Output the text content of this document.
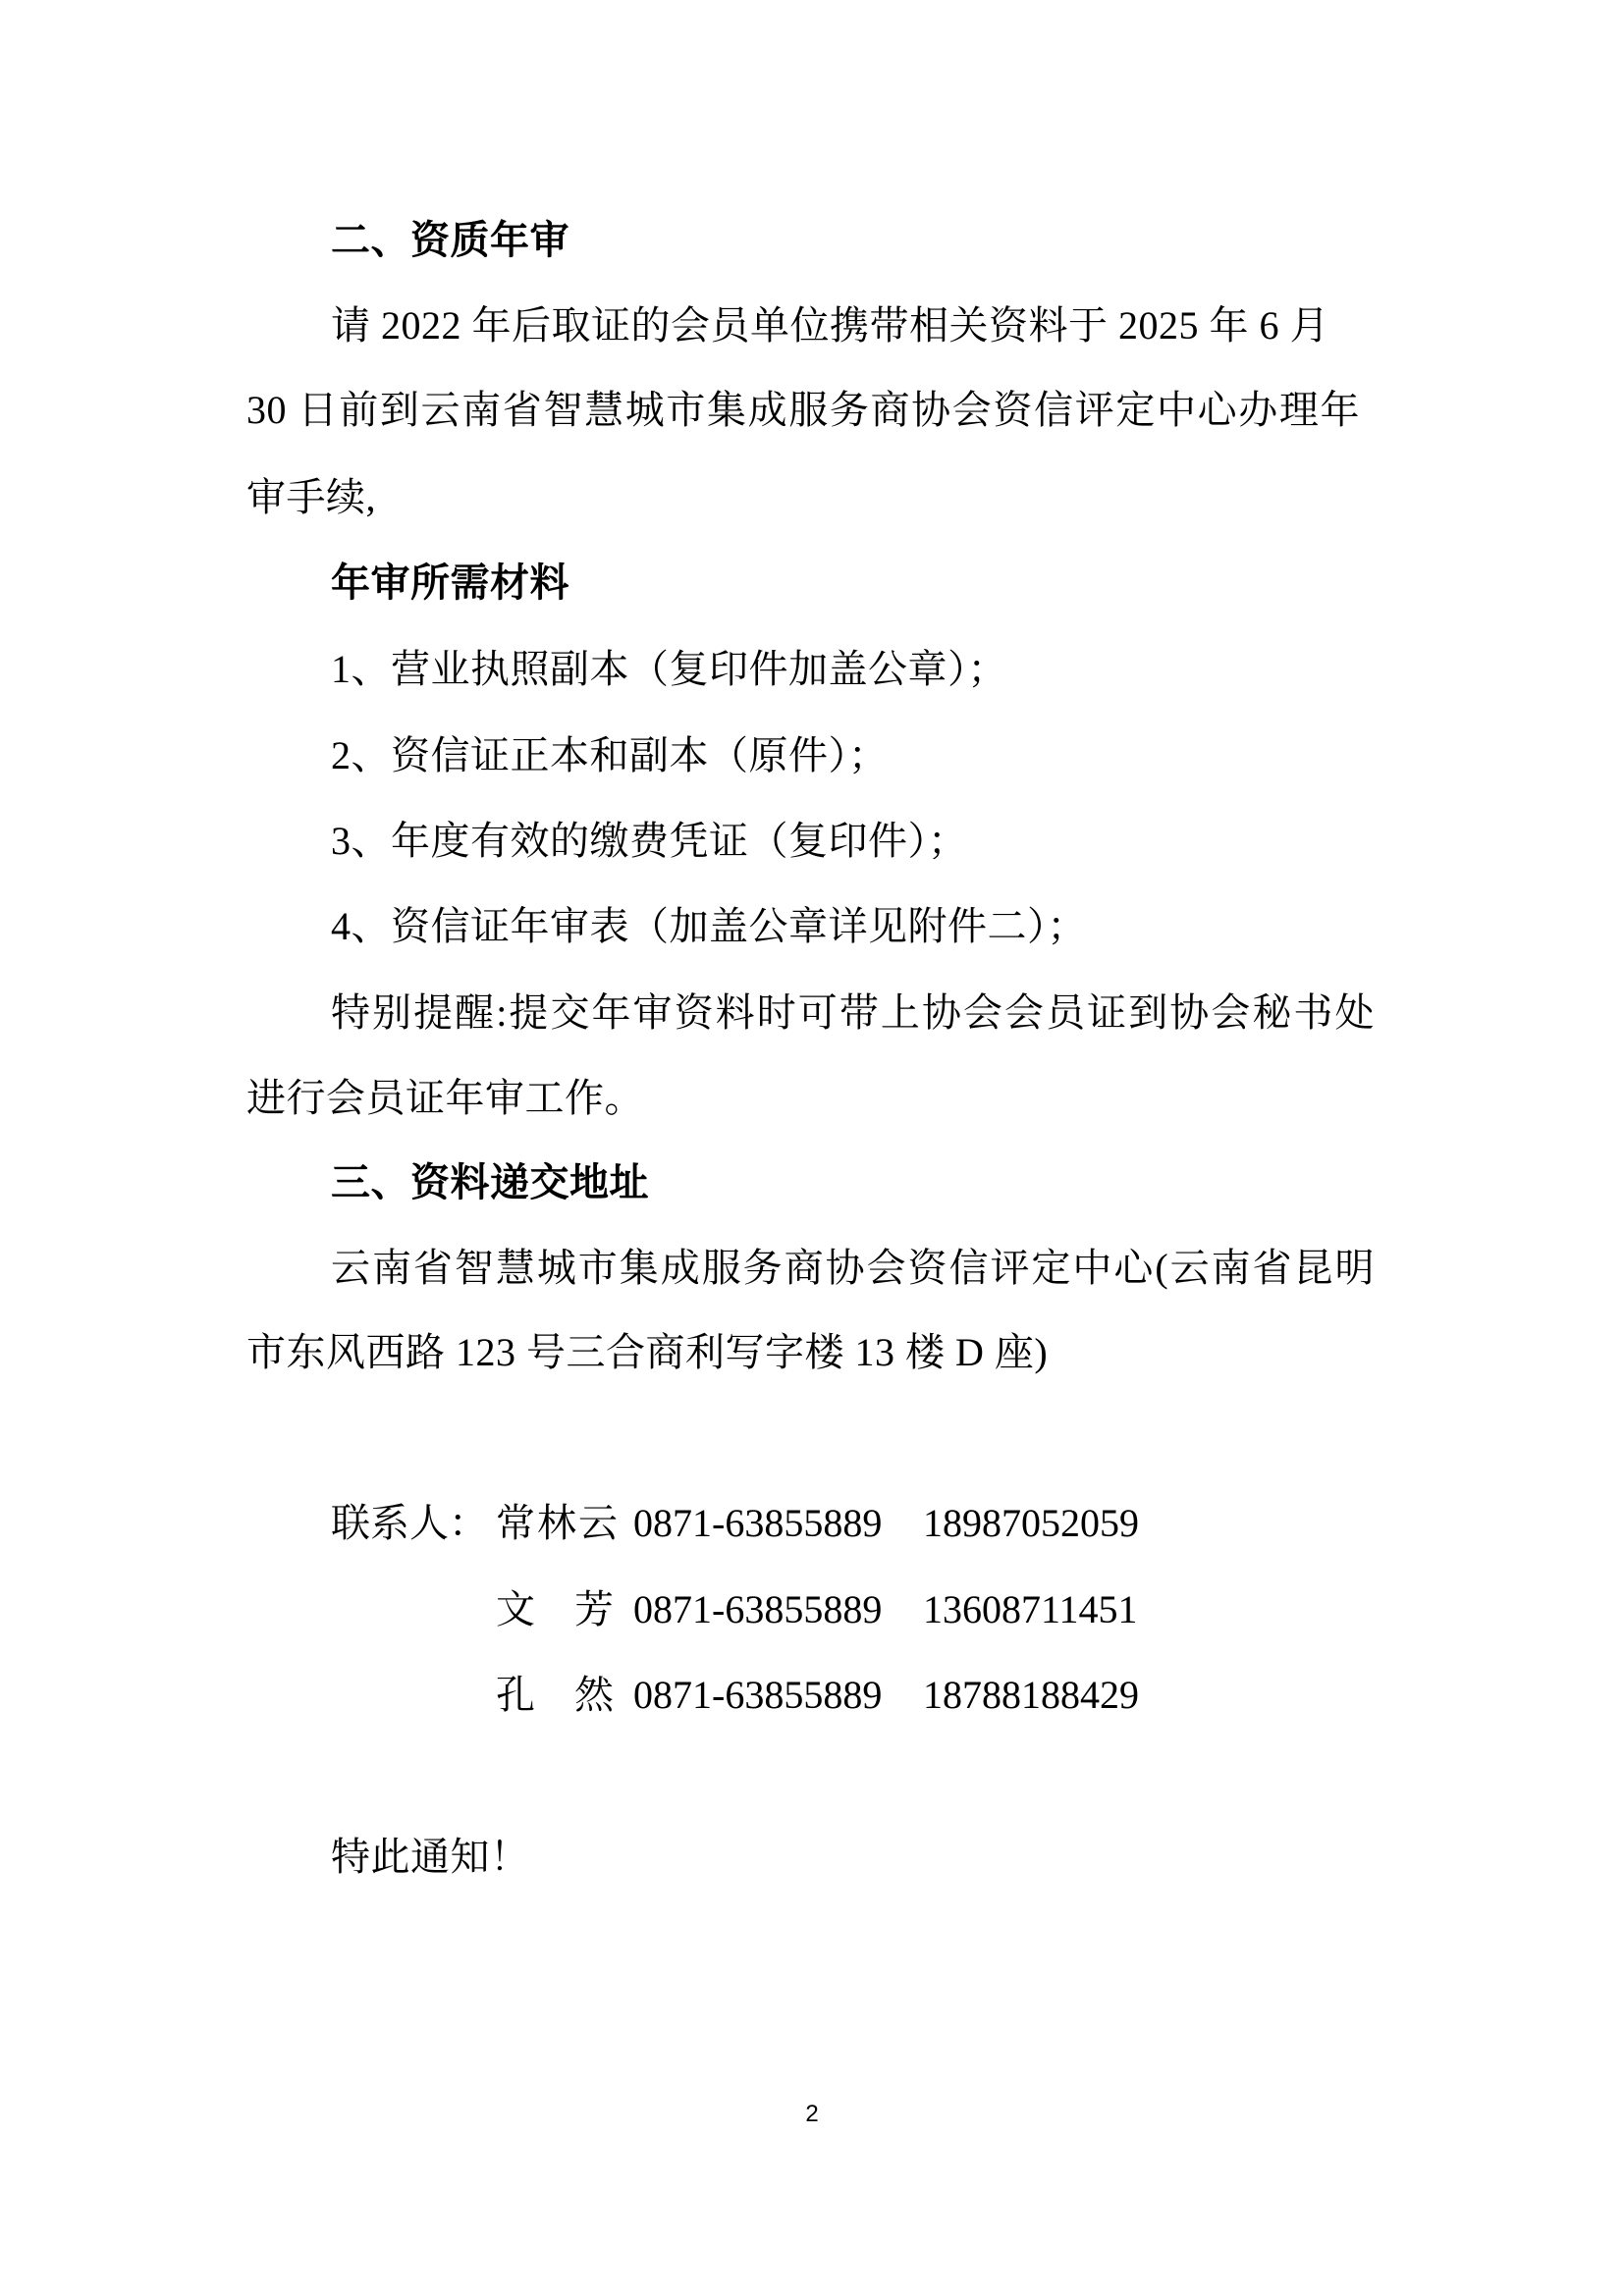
二、资质年审
请 2022 年后取证的会员单位携带相关资料于 2025 年 6 月
30 日前到云南省智慧城市集成服务商协会资信评定中心办理年
审手续,
年审所需材料
1、营业执照副本（复印件加盖公章）；
2、资信证正本和副本（原件）；
3、年度有效的缴费凭证（复印件）；
4、资信证年审表（加盖公章详见附件二）；
特别提醒:提交年审资料时可带上协会会员证到协会秘书处
进行会员证年审工作。
三、资料递交地址
云南省智慧城市集成服务商协会资信评定中心(云南省昆明
市东风西路 123 号三合商利写字楼 13 楼 D 座)
联系人： 常林云 0871-63855889 18987052059
文　芳 0871-63855889 13608711451
孔　然 0871-63855889 18788188429
特此通知！
2
